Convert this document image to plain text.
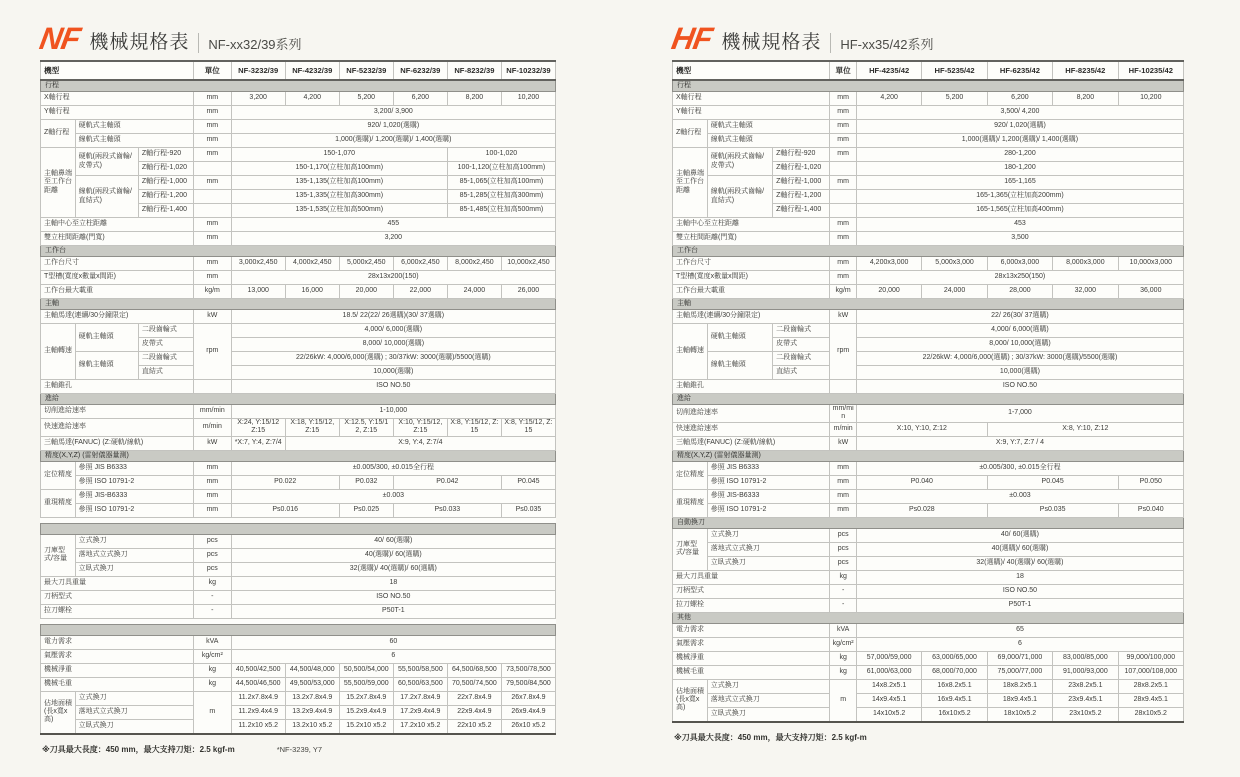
NF 機械規格表 NF-xx32/39系列
機型			單位	NF-3232/39	NF-4232/39	NF-5232/39	NF-6232/39	NF-8232/39	NF-10232/39
行程									
X軸行程			mm	3,200	4,200	5,200	6,200	8,200	10,200
Y軸行程			mm	3,200/ 3,900					
Z軸行程	硬軌式主軸頭		mm	920/ 1,020(選購)					
	線軌式主軸頭		mm	1,000(選購)/ 1,200(選購)/ 1,400(選購)					
主軸鼻端至工作台距離	硬軌(兩段式齒輪/皮帶式)	Z軸行程-920	mm	150-1,070				100-1,020	
		Z軸行程-1,020		150-1,170(立柱加高100mm)				100-1,120(立柱加高100mm)	
	線軌(兩段式齒輪/直結式)	Z軸行程-1,000	mm	135-1,135(立柱加高100mm)				85-1,065(立柱加高100mm)	
		Z軸行程-1,200		135-1,335(立柱加高300mm)				85-1,285(立柱加高300mm)	
		Z軸行程-1,400		135-1,535(立柱加高500mm)				85-1,485(立柱加高500mm)	
主軸中心至立柱距離			mm	455					
雙立柱間距離(門寬)			mm	3,200					
工作台									
工作台尺寸			mm	3,000x2,450	4,000x2,450	5,000x2,450	6,000x2,450	8,000x2,450	10,000x2,450
T型槽(寬度x數量x間距)			mm	28x13x200(150)					
工作台最大載重			kg/m	13,000	16,000	20,000	22,000	24,000	26,000
主軸									
主軸馬達(連續/30分鐘限定)			kW	18.5/ 22(22/ 26選購)(30/ 37選購)					
主軸轉速	硬軌主軸頭	二段齒輪式	rpm	4,000/ 6,000(選購)					
		皮帶式		8,000/ 10,000(選購)					
	線軌主軸頭	二段齒輪式		22/26kW: 4,000/6,000(選購) ; 30/37kW: 3000(選購)/5500(選購)					
		直結式		10,000(選購)					
主軸錐孔				ISO NO.50					
進給									
切削進給速率			mm/min	1-10,000					
快速進給速率			m/min	X:24, Y:15/12 Z:15	X:18, Y:15/12, Z:15	X:12.5, Y:15/12, Z:15	X:10, Y:15/12, Z:15	X:8, Y:15/12, Z:15	X:8, Y:15/12, Z:15
三軸馬達(FANUC) (Z:硬軌/線軌)			kW	*X:7, Y:4, Z:7/4	X:9, Y:4, Z:7/4				
精度(X,Y,Z) (雷射儀器量測)									
定位精度	參照 JIS B6333		mm	±0.005/300, ±0.015全行程					
	參照 ISO 10791-2		mm	P0.022		P0.032	P0.042		P0.045
重現精度	參照 JIS-B6333		mm	±0.003					
	參照 ISO 10791-2		mm	Ps0.016		Ps0.025	Ps0.033		Ps0.035

刀庫型式/容量	立式換刀		pcs	40/ 60(選購)					
	落地式立式換刀		pcs	40(選購)/ 60(選購)					
	立臥式換刀		pcs	32(選購)/ 40(選購)/ 60(選購)					
最大刀具重量			kg	18					
刀柄型式			-	ISO NO.50					
拉刀螺栓			-	P50T-1					

電力需求			kVA	60					
氣壓需求			kg/cm²	6					
機械淨重			kg	40,500/42,500	44,500/48,000	50,500/54,000	55,500/58,500	64,500/68,500	73,500/78,500
機械毛重			kg	44,500/46,500	49,500/53,000	55,500/59,000	60,500/63,500	70,500/74,500	79,500/84,500
佔地面積(長x寬x高)	立式換刀		m	11.2x7.8x4.9	13.2x7.8x4.9	15.2x7.8x4.9	17.2x7.8x4.9	22x7.8x4.9	26x7.8x4.9
	落地式立式換刀			11.2x9.4x4.9	13.2x9.4x4.9	15.2x9.4x4.9	17.2x9.4x4.9	22x9.4x4.9	26x9.4x4.9
	立臥式換刀			11.2x10 x5.2	13.2x10 x5.2	15.2x10 x5.2	17.2x10 x5.2	22x10 x5.2	26x10 x5.2
※刀具最大長度：450 mm，最大支持刀矩：2.5 kgf-m	*NF-3239, Y7
HF 機械規格表 HF-xx35/42系列
機型			單位	HF-4235/42	HF-5235/42	HF-6235/42	HF-8235/42	HF-10235/42
行程								
X軸行程			mm	4,200	5,200	6,200	8,200	10,200
Y軸行程			mm	3,500/ 4,200				
Z軸行程	硬軌式主軸頭		mm	920/ 1,020(選購)				
	線軌式主軸頭		mm	1,000(選購)/ 1,200(選購)/ 1,400(選購)				
主軸鼻端至工作台距離	硬軌(兩段式齒輪/皮帶式)	Z軸行程-920	mm	280-1,200				
		Z軸行程-1,020		180-1,200				
	線軌(兩段式齒輪/直結式)	Z軸行程-1,000	mm	165-1,165				
		Z軸行程-1,200		165-1,365(立柱加高200mm)				
		Z軸行程-1,400		165-1,565(立柱加高400mm)				
主軸中心至立柱距離			mm	453				
雙立柱間距離(門寬)			mm	3,500				
工作台								
工作台尺寸			mm	4,200x3,000	5,000x3,000	6,000x3,000	8,000x3,000	10,000x3,000
T型槽(寬度x數量x間距)			mm	28x13x250(150)				
工作台最大載重			kg/m	20,000	24,000	28,000	32,000	36,000
主軸								
主軸馬達(連續/30分鐘限定)			kW	22/ 26(30/ 37選購)				
主軸轉速	硬軌主軸頭	二段齒輪式	rpm	4,000/ 6,000(選購)				
		皮帶式		8,000/ 10,000(選購)				
	線軌主軸頭	二段齒輪式		22/26kW: 4,000/6,000(選購) ; 30/37kW: 3000(選購)/5500(選購)				
		直結式		10,000(選購)				
主軸錐孔				ISO NO.50				
進給								
切削進給速率			mm/min	1-7,000				
快速進給速率			m/min	X:10, Y:10, Z:12		X:8, Y:10, Z:12		
三軸馬達(FANUC) (Z:硬軌/線軌)			kW	X:9, Y:7, Z:7 / 4				
精度(X,Y,Z) (雷射儀器量測)								
定位精度	參照 JIS B6333		mm	±0.005/300, ±0.015全行程				
	參照 ISO 10791-2		mm	P0.040		P0.045		P0.050
重現精度	參照 JIS-B6333		mm	±0.003				
	參照 ISO 10791-2		mm	Ps0.028		Ps0.035		Ps0.040
自動換刀								
刀庫型式/容量	立式換刀		pcs	40/ 60(選購)				
	落地式立式換刀		pcs	40(選購)/ 60(選購)				
	立臥式換刀		pcs	32(選購)/ 40(選購)/ 60(選購)				
最大刀具重量			kg	18				
刀柄型式			-	ISO NO.50				
拉刀螺栓			-	P50T-1				
其他								
電力需求			kVA	65				
氣壓需求			kg/cm²	6				
機械淨重			kg	57,000/59,000	63,000/65,000	69,000/71,000	83,000/85,000	99,000/100,000
機械毛重			kg	61,000/63,000	68,000/70,000	75,000/77,000	91,000/93,000	107,000/108,000
佔地面積(長x寬x高)	立式換刀		m	14x8.2x5.1	16x8.2x5.1	18x8.2x5.1	23x8.2x5.1	28x8.2x5.1
	落地式立式換刀			14x9.4x5.1	16x9.4x5.1	18x9.4x5.1	23x9.4x5.1	28x9.4x5.1
	立臥式換刀			14x10x5.2	16x10x5.2	18x10x5.2	23x10x5.2	28x10x5.2
※刀具最大長度：450 mm，最大支持刀矩：2.5 kgf-m
